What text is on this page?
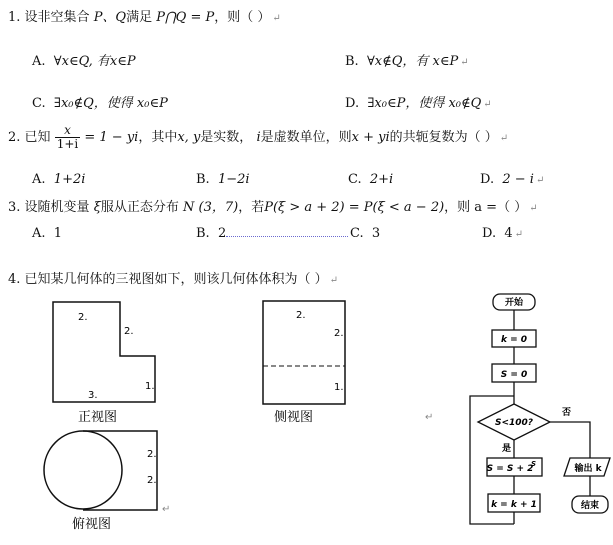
1. 设非空集合 P、Q满足 P⋂Q = P，则（ ） ↵
A. ∀x∈Q, 有x∈P	B. ∀x∉Q，有 x∈P ↵
C. ∃x₀∉Q，使得 x₀∈P	D. ∃x₀∈P，使得 x₀∉Q ↵
2. 已知 $\frac{x}{1+i} = 1$ − yi，其中x, y是实数， i是虚数单位，则x + yi的共轭复数为（ ） ↵
A. 1+2i	B. 1−2i	C. 2+i	D. 2 − i ↵
3. 设随机变量 ξ服从正态分布 N (3，7)，若P(ξ > a + 2) = P(ξ < a − 2)，则 a =（ ） ↵
A. 1	B. 2	C. 3	D. 4 ↵
4. 已知某几何体的三视图如下，则该几何体体积为（ ） ↵
2.
2.
1.
3.
正视图
2.
2.
1.
侧视图
2.
2.
俯视图
↵
↵
开始
k = 0
S = 0
S<100?
否
是
S = S + 2
S
k = k + 1
输出 k
结束
